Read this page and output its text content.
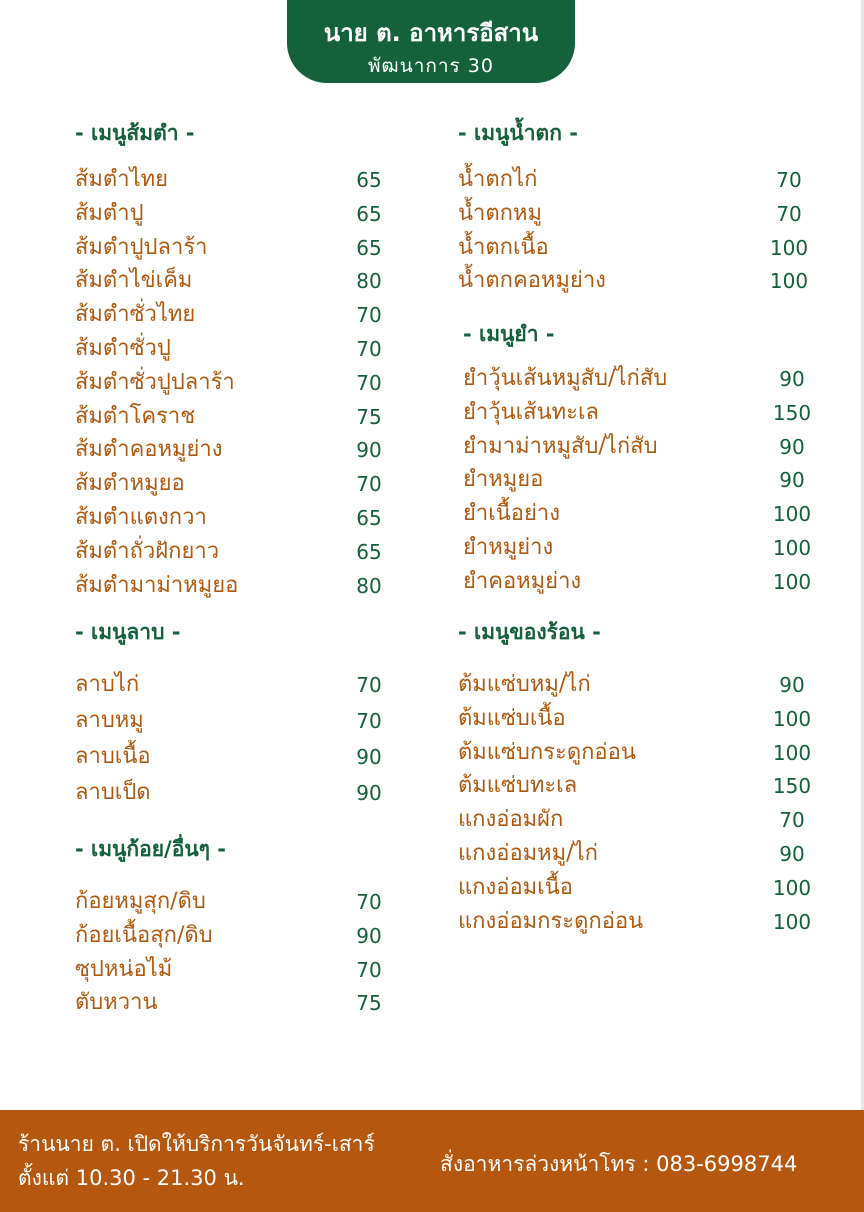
นาย ต. อาหารอีสาน
พัฒนาการ 30
- เมนูส้มตำ -
ส้มตำไทย	65
ส้มตำปู	65
ส้มตำปูปลาร้า	65
ส้มตำไข่เค็ม	80
ส้มตำซั่วไทย	70
ส้มตำซั่วปู	70
ส้มตำซั่วปูปลาร้า	70
ส้มตำโคราช	75
ส้มตำคอหมูย่าง	90
ส้มตำหมูยอ	70
ส้มตำแตงกวา	65
ส้มตำถั่วฝักยาว	65
ส้มตำมาม่าหมูยอ	80
- เมนูลาบ -
ลาบไก่	70
ลาบหมู	70
ลาบเนื้อ	90
ลาบเป็ด	90
- เมนูก้อย/อื่นๆ -
ก้อยหมูสุก/ดิบ	70
ก้อยเนื้อสุก/ดิบ	90
ซุปหน่อไม้	70
ตับหวาน	75
- เมนูน้ำตก -
น้ำตกไก่	70
น้ำตกหมู	70
น้ำตกเนื้อ	100
น้ำตกคอหมูย่าง	100
- เมนูยำ -
ยำวุ้นเส้นหมูสับ/ไก่สับ	90
ยำวุ้นเส้นทะเล	150
ยำมาม่าหมูสับ/ไก่สับ	90
ยำหมูยอ	90
ยำเนื้อย่าง	100
ยำหมูย่าง	100
ยำคอหมูย่าง	100
- เมนูของร้อน -
ต้มแซ่บหมู/ไก่	90
ต้มแซ่บเนื้อ	100
ต้มแซ่บกระดูกอ่อน	100
ต้มแซ่บทะเล	150
แกงอ่อมผัก	70
แกงอ่อมหมู/ไก่	90
แกงอ่อมเนื้อ	100
แกงอ่อมกระดูกอ่อน	100
ร้านนาย ต. เปิดให้บริการวันจันทร์-เสาร์
ตั้งแต่ 10.30 - 21.30 น.
สั่งอาหารล่วงหน้าโทร : 083-6998744
